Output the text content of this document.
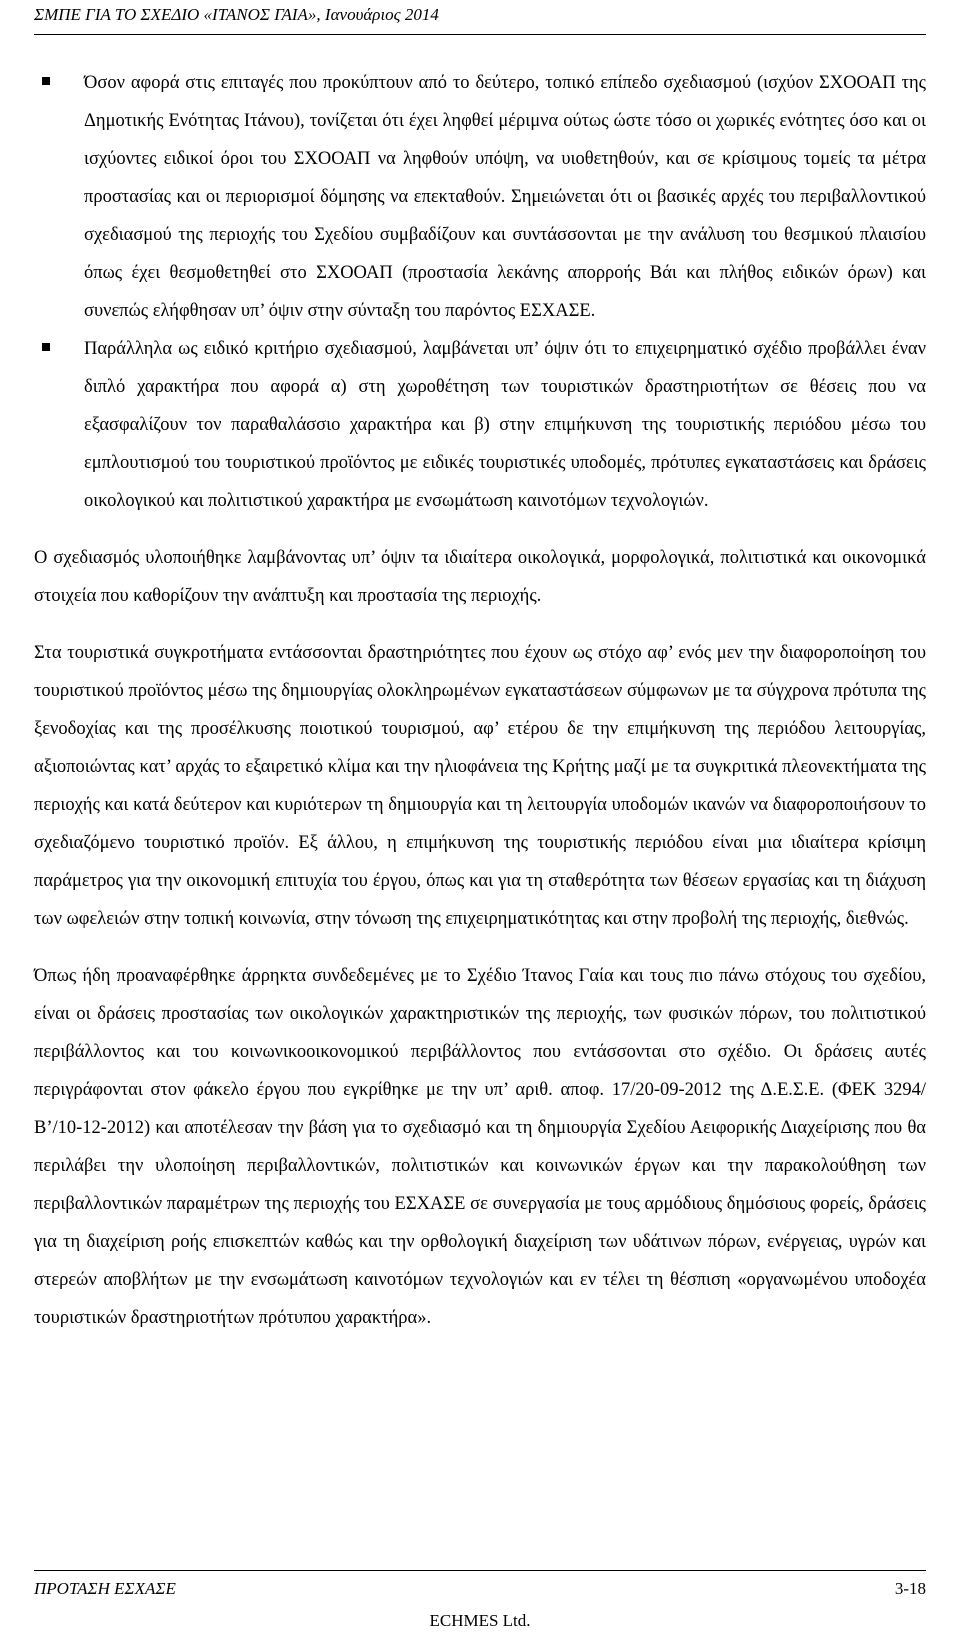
ΣΜΠΕ ΓΙΑ ΤΟ ΣΧΕΔΙΟ «ΙΤΑΝΟΣ ΓΑΙΑ», Ιανουάριος 2014
Όσον αφορά στις επιταγές που προκύπτουν από το δεύτερο, τοπικό επίπεδο σχεδιασμού (ισχύον ΣΧΟΟΑΠ της Δημοτικής Ενότητας Ιτάνου), τονίζεται ότι έχει ληφθεί μέριμνα ούτως ώστε τόσο οι χωρικές ενότητες όσο και οι ισχύοντες ειδικοί όροι του ΣΧΟΟΑΠ να ληφθούν υπόψη, να υιοθετηθούν, και σε κρίσιμους τομείς τα μέτρα προστασίας και οι περιορισμοί δόμησης να επεκταθούν. Σημειώνεται ότι οι βασικές αρχές του περιβαλλοντικού σχεδιασμού της περιοχής του Σχεδίου συμβαδίζουν και συντάσσονται με την ανάλυση του θεσμικού πλαισίου όπως έχει θεσμοθετηθεί στο ΣΧΟΟΑΠ (προστασία λεκάνης απορροής Βάι και πλήθος ειδικών όρων) και συνεπώς ελήφθησαν υπ’ όψιν στην σύνταξη του παρόντος ΕΣΧΑΣΕ.
Παράλληλα ως ειδικό κριτήριο σχεδιασμού, λαμβάνεται υπ’ όψιν ότι το επιχειρηματικό σχέδιο προβάλλει έναν διπλό χαρακτήρα που αφορά α) στη χωροθέτηση των τουριστικών δραστηριοτήτων σε θέσεις που να εξασφαλίζουν τον παραθαλάσσιο χαρακτήρα και β) στην επιμήκυνση της τουριστικής περιόδου μέσω του εμπλουτισμού του τουριστικού προϊόντος με ειδικές τουριστικές υποδομές, πρότυπες εγκαταστάσεις και δράσεις οικολογικού και πολιτιστικού χαρακτήρα με ενσωμάτωση καινοτόμων τεχνολογιών.

Ο σχεδιασμός υλοποιήθηκε λαμβάνοντας υπ’ όψιν τα ιδιαίτερα οικολογικά, μορφολογικά, πολιτιστικά και οικονομικά στοιχεία που καθορίζουν την ανάπτυξη και προστασία της περιοχής.

Στα τουριστικά συγκροτήματα εντάσσονται δραστηριότητες που έχουν ως στόχο αφ’ ενός μεν την διαφοροποίηση του τουριστικού προϊόντος μέσω της δημιουργίας ολοκληρωμένων εγκαταστάσεων σύμφωνων με τα σύγχρονα πρότυπα της ξενοδοχίας και της προσέλκυσης ποιοτικού τουρισμού, αφ’ ετέρου δε την επιμήκυνση της περιόδου λειτουργίας, αξιοποιώντας κατ’ αρχάς το εξαιρετικό κλίμα και την ηλιοφάνεια της Κρήτης μαζί με τα συγκριτικά πλεονεκτήματα της περιοχής και κατά δεύτερον και κυριότερων τη δημιουργία και τη λειτουργία υποδομών ικανών να διαφοροποιήσουν το σχεδιαζόμενο τουριστικό προϊόν. Εξ άλλου, η επιμήκυνση της τουριστικής περιόδου είναι μια ιδιαίτερα κρίσιμη παράμετρος για την οικονομική επιτυχία του έργου, όπως και για τη σταθερότητα των θέσεων εργασίας και τη διάχυση των ωφελειών στην τοπική κοινωνία, στην τόνωση της επιχειρηματικότητας και στην προβολή της περιοχής, διεθνώς.

Όπως ήδη προαναφέρθηκε άρρηκτα συνδεδεμένες με το Σχέδιο Ίτανος Γαία και τους πιο πάνω στόχους του σχεδίου, είναι οι δράσεις προστασίας των οικολογικών χαρακτηριστικών της περιοχής, των φυσικών πόρων, του πολιτιστικού περιβάλλοντος και του κοινωνικοοικονομικού περιβάλλοντος που εντάσσονται στο σχέδιο. Οι δράσεις αυτές περιγράφονται στον φάκελο έργου που εγκρίθηκε με την υπ’ αριθ. αποφ. 17/20-09-2012 της Δ.Ε.Σ.Ε. (ΦΕΚ 3294/Β’/10-12-2012) και αποτέλεσαν την βάση για το σχεδιασμό και τη δημιουργία Σχεδίου Αειφορικής Διαχείρισης που θα περιλάβει την υλοποίηση περιβαλλοντικών, πολιτιστικών και κοινωνικών έργων και την παρακολούθηση των περιβαλλοντικών παραμέτρων της περιοχής του ΕΣΧΑΣΕ σε συνεργασία με τους αρμόδιους δημόσιους φορείς, δράσεις για τη διαχείριση ροής επισκεπτών καθώς και την ορθολογική διαχείριση των υδάτινων πόρων, ενέργειας, υγρών και στερεών αποβλήτων με την ενσωμάτωση καινοτόμων τεχνολογιών και εν τέλει τη θέσπιση «οργανωμένου υποδοχέα τουριστικών δραστηριοτήτων πρότυπου χαρακτήρα».

ΠΡΟΤΑΣΗ ΕΣΧΑΣΕ	3-18
ECHMES Ltd.
